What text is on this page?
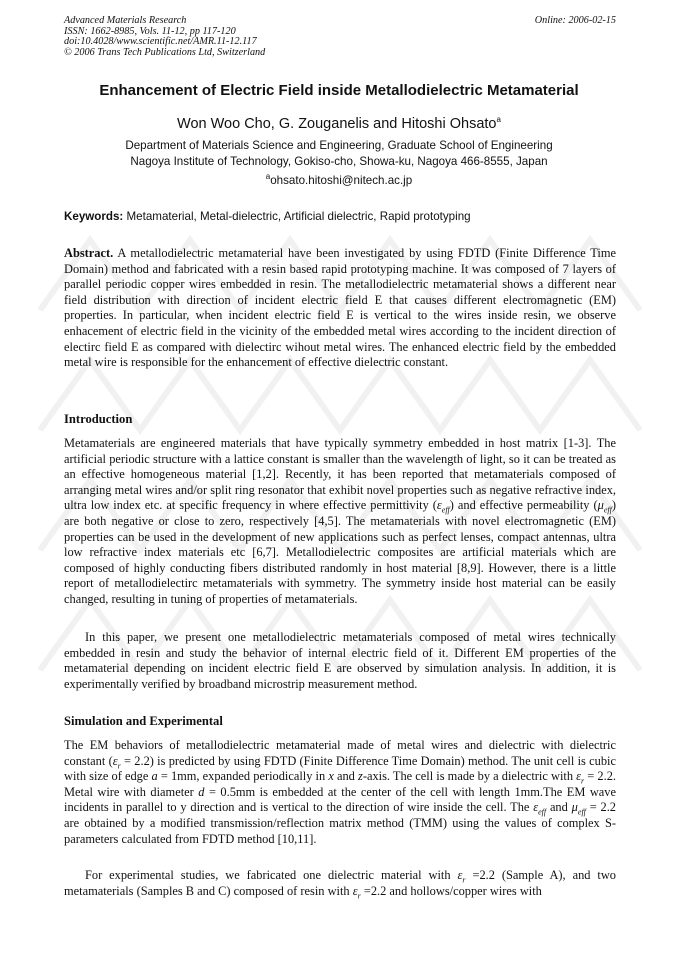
Advanced Materials Research
ISSN: 1662-8985, Vols. 11-12, pp 117-120
doi:10.4028/www.scientific.net/AMR.11-12.117
© 2006 Trans Tech Publications Ltd, Switzerland
Online: 2006-02-15
Enhancement of Electric Field inside Metallodielectric Metamaterial
Won Woo Cho, G. Zouganelis and Hitoshi Ohsato$^a$
Department of Materials Science and Engineering, Graduate School of Engineering
Nagoya Institute of Technology, Gokiso-cho, Showa-ku, Nagoya 466-8555, Japan
$^a$ohsato.hitoshi@nitech.ac.jp
Keywords: Metamaterial, Metal-dielectric, Artificial dielectric, Rapid prototyping
Abstract. A metallodielectric metamaterial have been investigated by using FDTD (Finite Difference Time Domain) method and fabricated with a resin based rapid prototyping machine. It was composed of 7 layers of parallel periodic copper wires embedded in resin. The metallodielectric metamaterial shows a different near field distribution with direction of incident electric field E that causes different electromagnetic (EM) properties. In particular, when incident electric field E is vertical to the wires inside resin, we observe enhacement of electric field in the vicinity of the embedded metal wires according to the incident direction of electirc field E as compared with dielectirc wihout metal wires. The enhanced electric field by the embedded metal wire is responsible for the enhancement of effective dielectric constant.
Introduction
Metamaterials are engineered materials that have typically symmetry embedded in host matrix [1-3]. The artificial periodic structure with a lattice constant is smaller than the wavelength of light, so it can be treated as an effective homogeneous material [1,2]. Recently, it has been reported that metamaterials composed of arranging metal wires and/or split ring resonator that exhibit novel properties such as negative refractive index, ultra low index etc. at specific frequency in where effective permittivity $(\varepsilon_{eff})$ and effective permeability $(\mu_{eff})$ are both negative or close to zero, respectively [4,5]. The metamaterials with novel electromagnetic (EM) properties can be used in the development of new applications such as perfect lenses, compact antennas, ultra low refractive index materials etc [6,7]. Metallodielectric composites are artificial materials which are composed of highly conducting fibers distributed randomly in host material [8,9]. However, there is a little report of metallodielectirc metamaterials with symmetry. The symmetry inside host material can be easily changed, resulting in tuning of properties of metamaterials.
In this paper, we present one metallodielectric metamaterials composed of metal wires technically embedded in resin and study the behavior of internal electric field of it. Different EM properties of the metamaterial depending on incident electric field E are observed by simulation analysis. In addition, it is experimentally verified by broadband microstrip measurement method.
Simulation and Experimental
The EM behaviors of metallodielectric metamaterial made of metal wires and dielectric with dielectric constant $(\varepsilon_r = 2.2)$ is predicted by using FDTD (Finite Difference Time Domain) method. The unit cell is cubic with size of edge a = 1mm, expanded periodically in x and z-axis. The cell is made by a dielectric with $\varepsilon_r = 2.2$. Metal wire with diameter d = 0.5mm is embedded at the center of the cell with length 1mm.The EM wave incidents in parallel to y direction and is vertical to the direction of wire inside the cell. The $\varepsilon_{eff}$ and $\mu_{eff} = 2.2$ are obtained by a modified transmission/reflection matrix method (TMM) using the values of complex S-parameters calculated from FDTD method [10,11].
For experimental studies, we fabricated one dielectric material with $\varepsilon_r =2.2$ (Sample A), and two metamaterials (Samples B and C) composed of resin with $\varepsilon_r =2.2$ and hollows/copper wires with
